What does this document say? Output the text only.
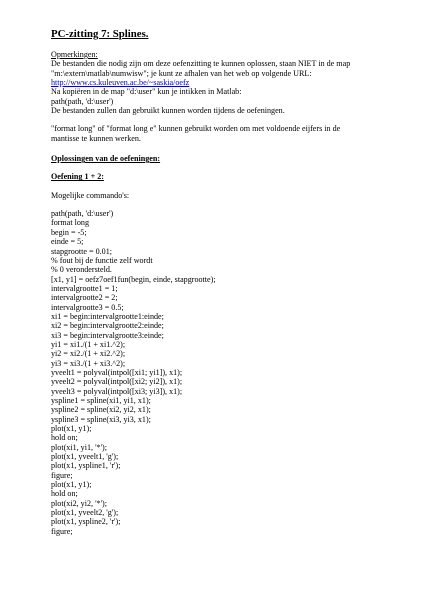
PC-zitting 7: Splines.
Opmerkingen:
De bestanden die nodig zijn om deze oefenzitting te kunnen oplossen, staan NIET in de map
"m:\extern\matlab\numwisw"; je kunt ze afhalen van het web op volgende URL:
http://www.cs.kuleuven.ac.be/~saskia/oefz
Na kopiëren in de map "d:\user" kun je intikken in Matlab:
path(path, 'd:\user')
De bestanden zullen dan gebruikt kunnen worden tijdens de oefeningen.
"format long" of "format long e" kunnen gebruikt worden om met voldoende eijfers in de
mantisse te kunnen werken.
Oplossingen van de oefeningen:
Oefening 1 + 2:
Mogelijke commando's:
path(path, 'd:\user')
format long
begin = -5;
einde = 5;
stapgrootte = 0.01;
% fout bij de functie zelf wordt
% 0 verondersteld.
[x1, y1] = oefz7oef1fun(begin, einde, stapgrootte);
intervalgrootte1 = 1;
intervalgrootte2 = 2;
intervalgrootte3 = 0.5;
xi1 = begin:intervalgrootte1:einde;
xi2 = begin:intervalgrootte2:einde;
xi3 = begin:intervalgrootte3:einde;
yi1 = xi1./(1 + xi1.^2);
yi2 = xi2./(1 + xi2.^2);
yi3 = xi3./(1 + xi3.^2);
yveelt1 = polyval(intpol([xi1; yi1]), x1);
yveelt2 = polyval(intpol([xi2; yi2]), x1);
yveelt3 = polyval(intpol([xi3; yi3]), x1);
yspline1 = spline(xi1, yi1, x1);
yspline2 = spline(xi2, yi2, x1);
yspline3 = spline(xi3, yi3, x1);
plot(x1, y1);
hold on;
plot(xi1, yi1, '*');
plot(x1, yveelt1, 'g');
plot(x1, yspline1, 'r');
figure;
plot(x1, y1);
hold on;
plot(xi2, yi2, '*');
plot(x1, yveelt2, 'g');
plot(x1, yspline2, 'r');
figure;
